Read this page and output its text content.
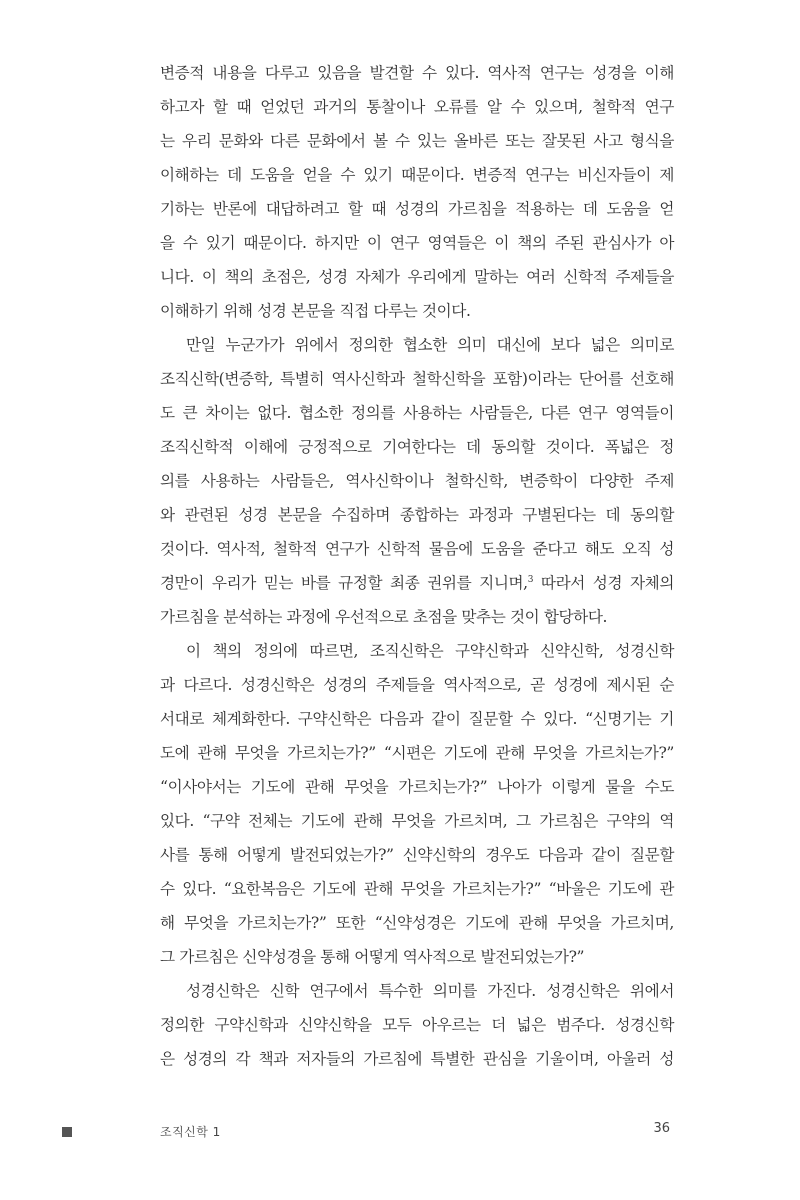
변증적 내용을 다루고 있음을 발견할 수 있다. 역사적 연구는 성경을 이해
하고자 할 때 얻었던 과거의 통찰이나 오류를 알 수 있으며, 철학적 연구
는 우리 문화와 다른 문화에서 볼 수 있는 올바른 또는 잘못된 사고 형식을
이해하는 데 도움을 얻을 수 있기 때문이다. 변증적 연구는 비신자들이 제
기하는 반론에 대답하려고 할 때 성경의 가르침을 적용하는 데 도움을 얻
을 수 있기 때문이다. 하지만 이 연구 영역들은 이 책의 주된 관심사가 아
니다. 이 책의 초점은, 성경 자체가 우리에게 말하는 여러 신학적 주제들을
이해하기 위해 성경 본문을 직접 다루는 것이다.
만일 누군가가 위에서 정의한 협소한 의미 대신에 보다 넓은 의미로
조직신학(변증학, 특별히 역사신학과 철학신학을 포함)이라는 단어를 선호해
도 큰 차이는 없다. 협소한 정의를 사용하는 사람들은, 다른 연구 영역들이
조직신학적 이해에 긍정적으로 기여한다는 데 동의할 것이다. 폭넓은 정
의를 사용하는 사람들은, 역사신학이나 철학신학, 변증학이 다양한 주제
와 관련된 성경 본문을 수집하며 종합하는 과정과 구별된다는 데 동의할
것이다. 역사적, 철학적 연구가 신학적 물음에 도움을 준다고 해도 오직 성
경만이 우리가 믿는 바를 규정할 최종 권위를 지니며,$^3$ 따라서 성경 자체의
가르침을 분석하는 과정에 우선적으로 초점을 맞추는 것이 합당하다.
이 책의 정의에 따르면, 조직신학은 구약신학과 신약신학, 성경신학
과 다르다. 성경신학은 성경의 주제들을 역사적으로, 곧 성경에 제시된 순
서대로 체계화한다. 구약신학은 다음과 같이 질문할 수 있다. “신명기는 기
도에 관해 무엇을 가르치는가?” “시편은 기도에 관해 무엇을 가르치는가?”
“이사야서는 기도에 관해 무엇을 가르치는가?” 나아가 이렇게 물을 수도
있다. “구약 전체는 기도에 관해 무엇을 가르치며, 그 가르침은 구약의 역
사를 통해 어떻게 발전되었는가?” 신약신학의 경우도 다음과 같이 질문할
수 있다. “요한복음은 기도에 관해 무엇을 가르치는가?” “바울은 기도에 관
해 무엇을 가르치는가?” 또한 “신약성경은 기도에 관해 무엇을 가르치며,
그 가르침은 신약성경을 통해 어떻게 역사적으로 발전되었는가?”
성경신학은 신학 연구에서 특수한 의미를 가진다. 성경신학은 위에서
정의한 구약신학과 신약신학을 모두 아우르는 더 넓은 범주다. 성경신학
은 성경의 각 책과 저자들의 가르침에 특별한 관심을 기울이며, 아울러 성
조직신학 1	36
